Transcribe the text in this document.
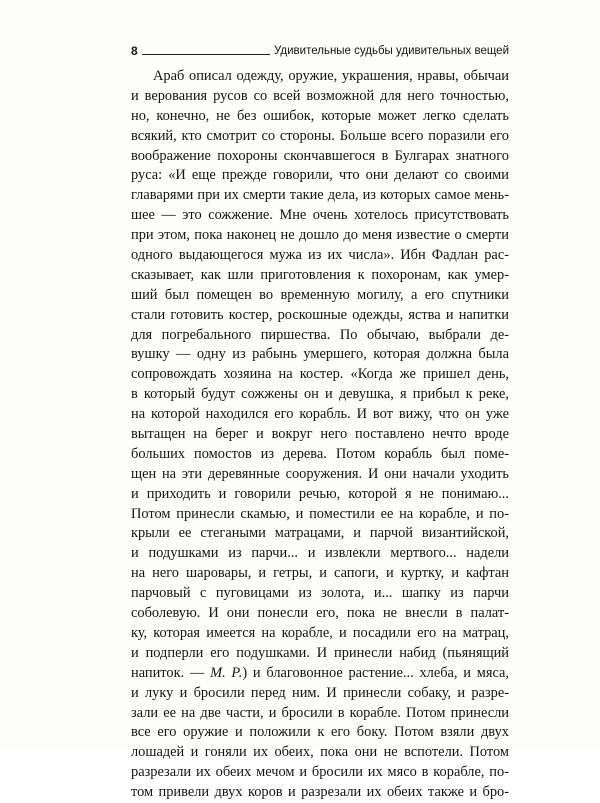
8	Удивительные судьбы удивительных вещей
Араб описал одежду, оружие, украшения, нравы, обычаи
и верования русов со всей возможной для него точностью,
но, конечно, не без ошибок, которые может легко сделать
всякий, кто смотрит со стороны. Больше всего поразили его
воображение похороны скончавшегося в Булгарах знатного
руса: «И еще прежде говорили, что они делают со своими
главарями при их смерти такие дела, из которых самое мень-
шее — это сожжение. Мне очень хотелось присутствовать
при этом, пока наконец не дошло до меня известие о смерти
одного выдающегося мужа из их числа». Ибн Фадлан рас-
сказывает, как шли приготовления к похоронам, как умер-
ший был помещен во временную могилу, а его спутники
стали готовить костер, роскошные одежды, яства и напитки
для погребального пиршества. По обычаю, выбрали де-
вушку — одну из рабынь умершего, которая должна была
сопровождать хозяина на костер. «Когда же пришел день,
в который будут сожжены он и девушка, я прибыл к реке,
на которой находился его корабль. И вот вижу, что он уже
вытащен на берег и вокруг него поставлено нечто вроде
больших помостов из дерева. Потом корабль был поме-
щен на эти деревянные сооружения. И они начали уходить
и приходить и говорили речью, которой я не понимаю...
Потом принесли скамью, и поместили ее на корабле, и по-
крыли ее стегаными матрацами, и парчой византийской,
и подушками из парчи... и извлекли мертвого... надели
на него шаровары, и гетры, и сапоги, и куртку, и кафтан
парчовый с пуговицами из золота, и... шапку из парчи
соболевую. И они понесли его, пока не внесли в палат-
ку, которая имеется на корабле, и посадили его на матрац,
и подперли его подушками. И принесли набид (пьянящий
напиток. — М. Р.) и благовонное растение... хлеба, и мяса,
и луку и бросили перед ним. И принесли собаку, и разре-
зали ее на две части, и бросили в корабле. Потом принесли
все его оружие и положили к его боку. Потом взяли двух
лошадей и гоняли их обеих, пока они не вспотели. Потом
разрезали их обеих мечом и бросили их мясо в корабле, по-
том привели двух коров и разрезали их обеих также и бро-
